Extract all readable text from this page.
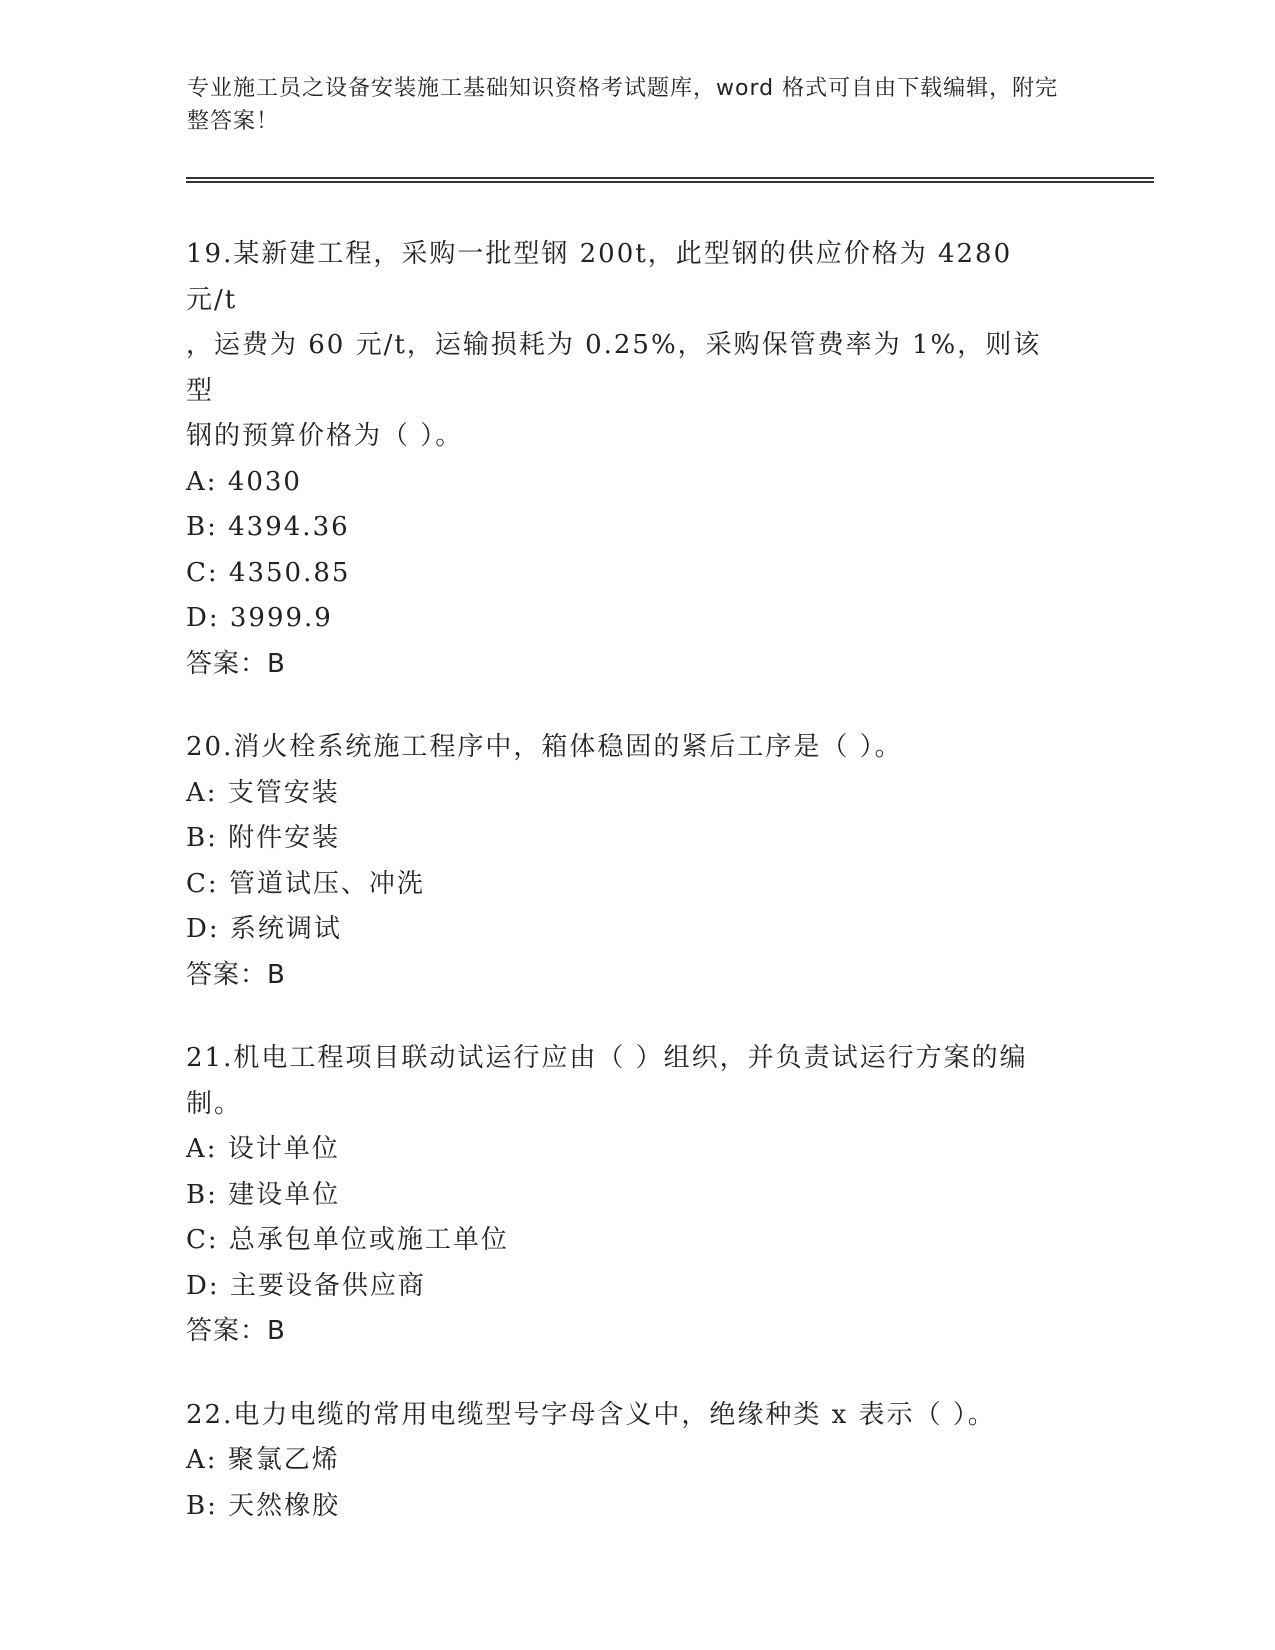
专业施工员之设备安装施工基础知识资格考试题库，word 格式可自由下载编辑，附完整答案！

19.某新建工程，采购一批型钢 200t，此型钢的供应价格为 4280 元/t

，运费为 60 元/t，运输损耗为 0.25%，采购保管费率为 1%，则该型

钢的预算价格为（ ）。

A: 4030

B: 4394.36

C: 4350.85

D: 3999.9

答案：B

20.消火栓系统施工程序中，箱体稳固的紧后工序是（ ）。

A: 支管安装

B: 附件安装

C: 管道试压、冲洗

D: 系统调试

答案：B

21.机电工程项目联动试运行应由（ ）组织，并负责试运行方案的编

制。

A: 设计单位

B: 建设单位

C: 总承包单位或施工单位

D: 主要设备供应商

答案：B

22.电力电缆的常用电缆型号字母含义中，绝缘种类 x 表示（ ）。

A: 聚氯乙烯

B: 天然橡胶
